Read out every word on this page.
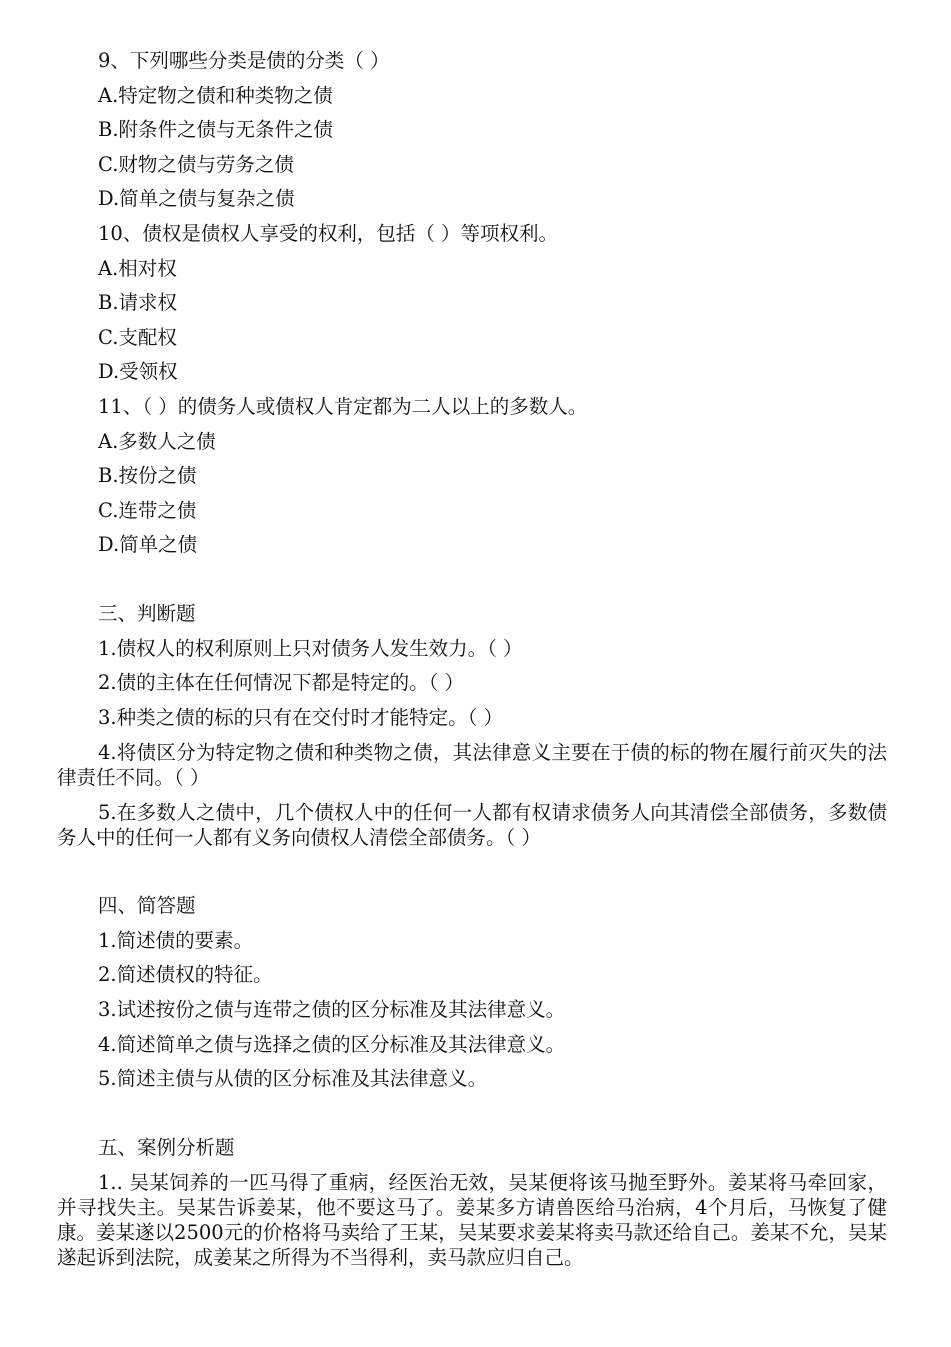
9、下列哪些分类是债的分类（ ）

A.特定物之债和种类物之债

B.附条件之债与无条件之债

C.财物之债与劳务之债

D.简单之债与复杂之债

10、债权是债权人享受的权利，包括（ ）等项权利。

A.相对权

B.请求权

C.支配权

D.受领权

11、（ ）的债务人或债权人肯定都为二人以上的多数人。

A.多数人之债

B.按份之债

C.连带之债

D.简单之债

三、判断题

1.债权人的权利原则上只对债务人发生效力。（ ）

2.债的主体在任何情况下都是特定的。（ ）

3.种类之债的标的只有在交付时才能特定。（ ）

4.将债区分为特定物之债和种类物之债，其法律意义主要在于债的标的物在履行前灭失的法律责任不同。（ ）

5.在多数人之债中，几个债权人中的任何一人都有权请求债务人向其清偿全部债务，多数债务人中的任何一人都有义务向债权人清偿全部债务。（ ）

四、简答题

1.简述债的要素。

2.简述债权的特征。

3.试述按份之债与连带之债的区分标准及其法律意义。

4.简述简单之债与选择之债的区分标准及其法律意义。

5.简述主债与从债的区分标准及其法律意义。

五、案例分析题

1.. 吴某饲养的一匹马得了重病，经医治无效，吴某便将该马抛至野外。姜某将马牵回家，并寻找失主。吴某告诉姜某，他不要这马了。姜某多方请兽医给马治病，4个月后，马恢复了健康。姜某遂以2500元的价格将马卖给了王某，吴某要求姜某将卖马款还给自己。姜某不允，吴某遂起诉到法院，成姜某之所得为不当得利，卖马款应归自己。
